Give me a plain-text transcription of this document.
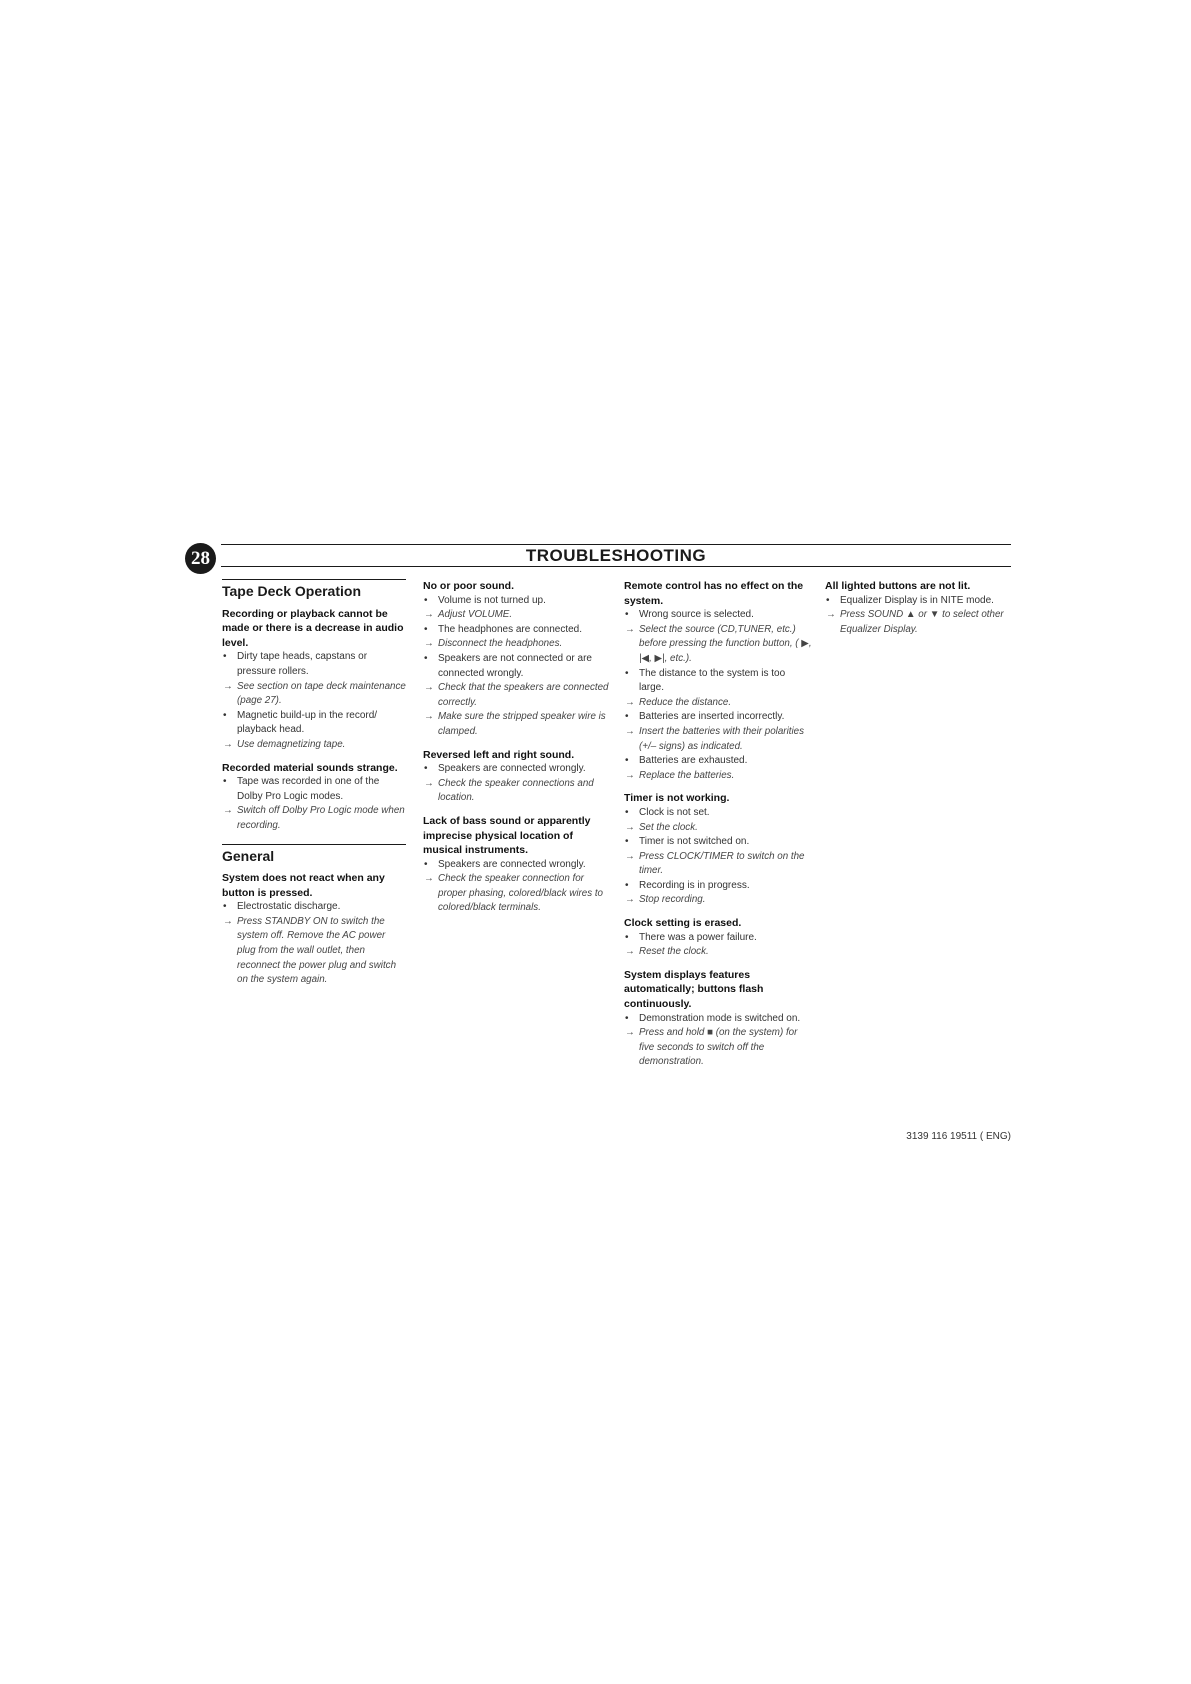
28	TROUBLESHOOTING
Tape Deck Operation
Recording or playback cannot be made or there is a decrease in audio level.
•	Dirty tape heads, capstans or pressure rollers.
→ See section on tape deck maintenance (page 27).
•	Magnetic build-up in the record/ playback head.
→ Use demagnetizing tape.
Recorded material sounds strange.
•	Tape was recorded in one of the Dolby Pro Logic modes.
→ Switch off Dolby Pro Logic mode when recording.
General
System does not react when any button is pressed.
•	Electrostatic discharge.
→ Press STANDBY ON to switch the system off. Remove the AC power plug from the wall outlet, then reconnect the power plug and switch on the system again.
No or poor sound.
•	Volume is not turned up.
→ Adjust VOLUME.
•	The headphones are connected.
→ Disconnect the headphones.
•	Speakers are not connected or are connected wrongly.
→ Check that the speakers are connected correctly.
→ Make sure the stripped speaker wire is clamped.
Reversed left and right sound.
•	Speakers are connected wrongly.
→ Check the speaker connections and location.
Lack of bass sound or apparently imprecise physical location of musical instruments.
•	Speakers are connected wrongly.
→ Check the speaker connection for proper phasing, colored/black wires to colored/black terminals.
Remote control has no effect on the system.
•	Wrong source is selected.
→ Select the source (CD,TUNER, etc.) before pressing the function button, ( ▶, |◀, ▶|, etc.).
•	The distance to the system is too large.
→ Reduce the distance.
•	Batteries are inserted incorrectly.
→ Insert the batteries with their polarities (+/– signs) as indicated.
•	Batteries are exhausted.
→ Replace the batteries.
Timer is not working.
•	Clock is not set.
→ Set the clock.
•	Timer is not switched on.
→ Press CLOCK/TIMER to switch on the timer.
•	Recording is in progress.
→ Stop recording.
Clock setting is erased.
•	There was a power failure.
→ Reset the clock.
System displays features automatically; buttons flash continuously.
•	Demonstration mode is switched on.
→ Press and hold ■ (on the system) for five seconds to switch off the demonstration.
All lighted buttons are not lit.
•	Equalizer Display is in NITE mode.
→ Press SOUND ▲ or ▼ to select other Equalizer Display.
3139 116 19511 ( ENG)
